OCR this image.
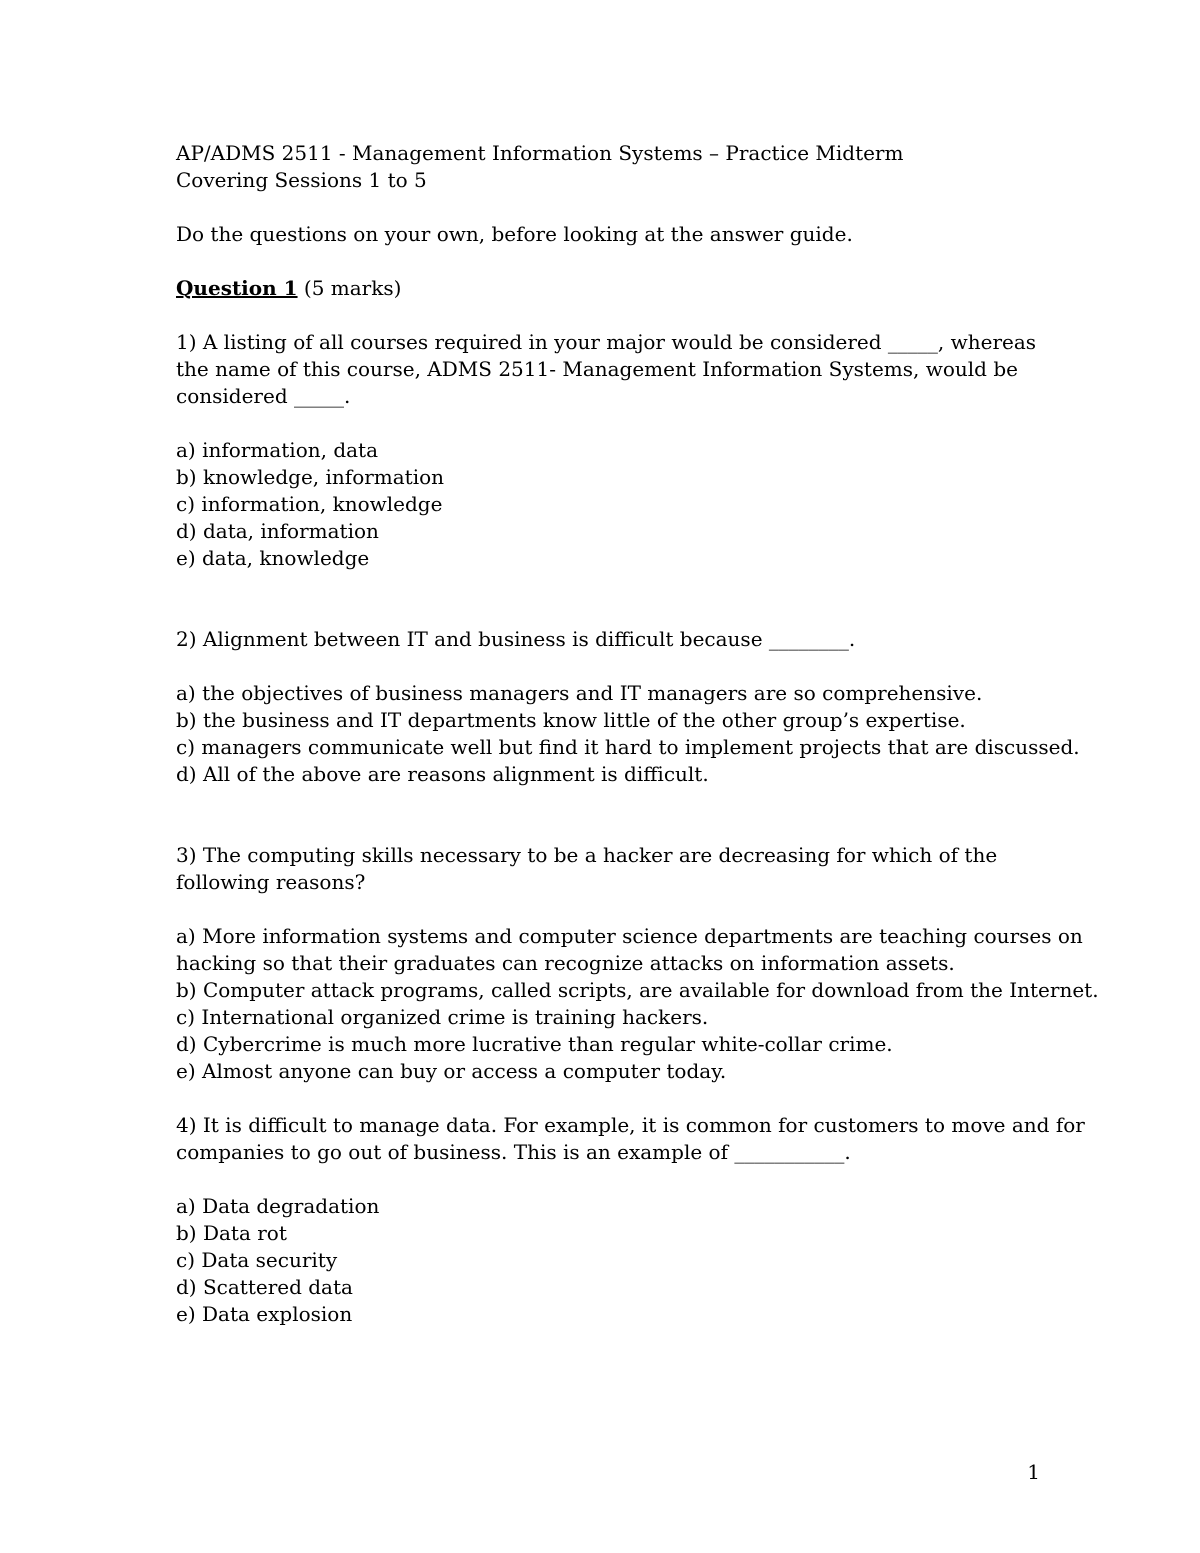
AP/ADMS 2511 - Management Information Systems – Practice Midterm
Covering Sessions 1 to 5
Do the questions on your own, before looking at the answer guide.
Question 1 (5 marks)
1) A listing of all courses required in your major would be considered _____, whereas
the name of this course, ADMS 2511- Management Information Systems, would be
considered _____.
a) information, data
b) knowledge, information
c) information, knowledge
d) data, information
e) data, knowledge
2) Alignment between IT and business is difficult because ________.
a) the objectives of business managers and IT managers are so comprehensive.
b) the business and IT departments know little of the other group’s expertise.
c) managers communicate well but find it hard to implement projects that are discussed.
d) All of the above are reasons alignment is difficult.
3) The computing skills necessary to be a hacker are decreasing for which of the
following reasons?
a) More information systems and computer science departments are teaching courses on
hacking so that their graduates can recognize attacks on information assets.
b) Computer attack programs, called scripts, are available for download from the Internet.
c) International organized crime is training hackers.
d) Cybercrime is much more lucrative than regular white-collar crime.
e) Almost anyone can buy or access a computer today.
4) It is difficult to manage data. For example, it is common for customers to move and for
companies to go out of business. This is an example of ___________.
a) Data degradation
b) Data rot
c) Data security
d) Scattered data
e) Data explosion
1
